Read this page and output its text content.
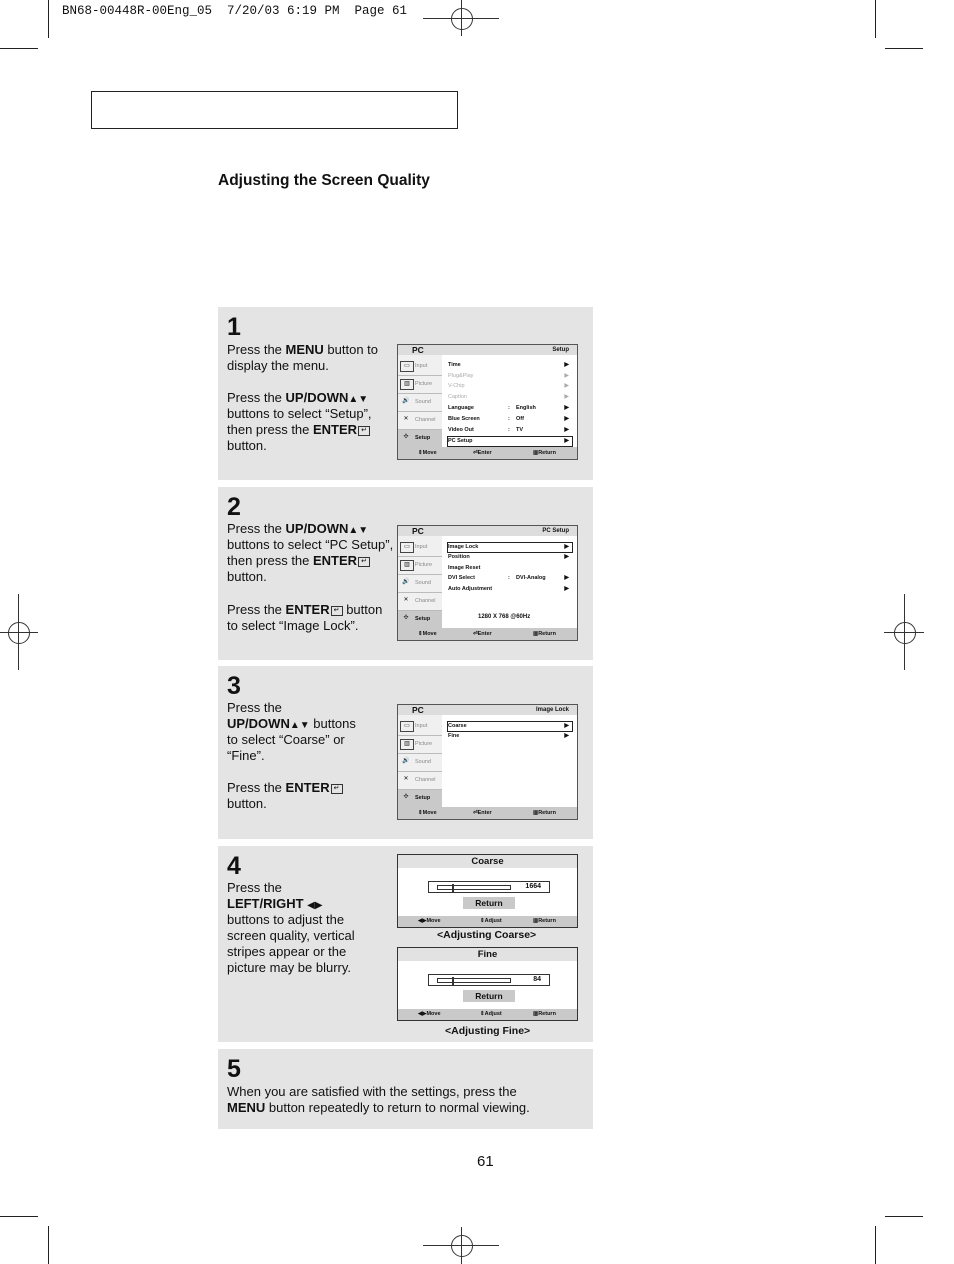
BN68-00448R-00Eng_05  7/20/03 6:19 PM  Page 61
Adjusting the Screen Quality
1
Press the MENU button to
display the menu.
Press the UP/DOWN▲▼
buttons to select “Setup”,
then press the ENTER ↵
button.
PC	Setup
▭ Input
▥ Picture
🔊 Sound
✕	Channel
✣	Setup
Time	▶
Plug&Play	▶
V-Chip	▶
Caption	▶
Language	: English	▶
Blue Screen	: Off	▶
Video Out	: TV	▶
PC Setup	▶
⇕ Move	⏎ Enter	▥ Return
2
Press the UP/DOWN▲▼
buttons to select “PC Setup”,
then press the ENTER ↵
button.
Press the ENTER ↵ button
to select “Image Lock”.
PC	PC Setup
▭ Input
▥ Picture
🔊 Sound
✕	Channel
✣	Setup
Image Lock	▶
Position	▶
Image Reset
DVI Select	: DVI-Analog	▶
Auto Adjustment	▶
1280 X 768 @60Hz
⇕ Move	⏎ Enter	▥ Return
3
Press the
UP/DOWN▲▼ buttons
to select “Coarse” or
“Fine”.
Press the ENTER ↵
button.
PC	Image Lock
▭ Input
▥ Picture
🔊 Sound
✕	Channel
✣	Setup
Coarse	▶
Fine	▶
⇕ Move	⏎ Enter	▥ Return
4
Press the
LEFT/RIGHT ◀▶
buttons to adjust the
screen quality, vertical
stripes appear or the
picture may be blurry.
Coarse
1664
Return
◀▶ Move	⇕ Adjust	▥ Return
<Adjusting Coarse>
Fine
84
Return
◀▶ Move	⇕ Adjust	▥ Return
<Adjusting Fine>
5
When you are satisfied with the settings, press the
MENU button repeatedly to return to normal viewing.
61
